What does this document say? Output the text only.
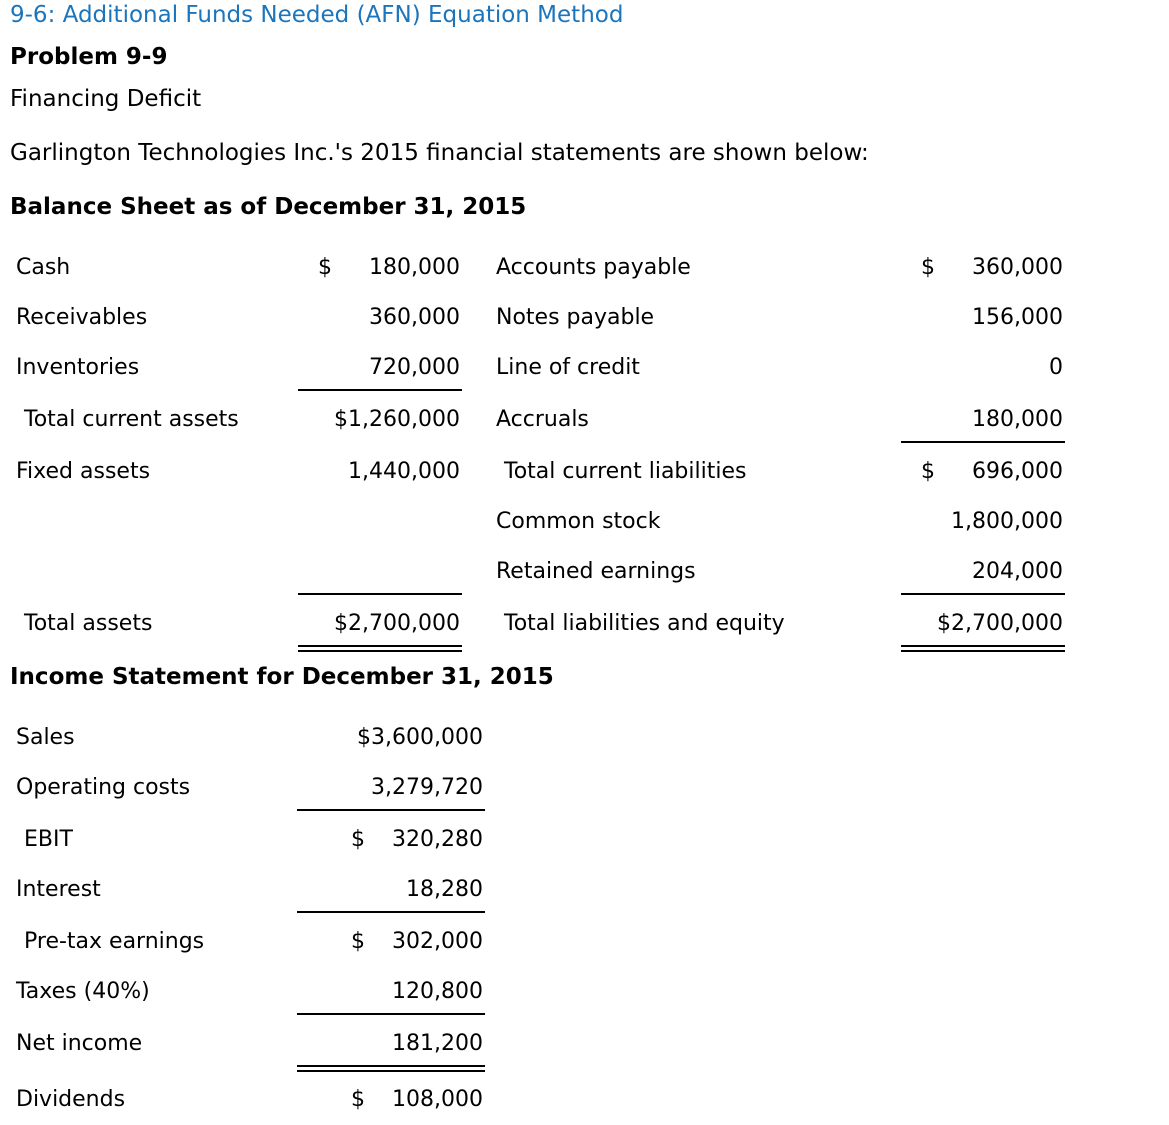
9-6: Additional Funds Needed (AFN) Equation Method
Problem 9-9
Financing Deficit
Garlington Technologies Inc.'s 2015 financial statements are shown below:
Balance Sheet as of December 31, 2015
Cash
Receivables
Inventories
Total current assets
Fixed assets
Total assets
$ 180,000
360,000
720,000
$1,260,000
1,440,000
$2,700,000
Accounts payable
Notes payable
Line of credit
Accruals
Total current liabilities
Common stock
Retained earnings
Total liabilities and equity
$ 360,000
156,000
0
180,000
$ 696,000
1,800,000
204,000
$2,700,000
Income Statement for December 31, 2015
Sales
Operating costs
EBIT
Interest
Pre-tax earnings
Taxes (40%)
Net income
Dividends
$3,600,000
3,279,720
$ 320,280
18,280
$ 302,000
120,800
181,200
$ 108,000
